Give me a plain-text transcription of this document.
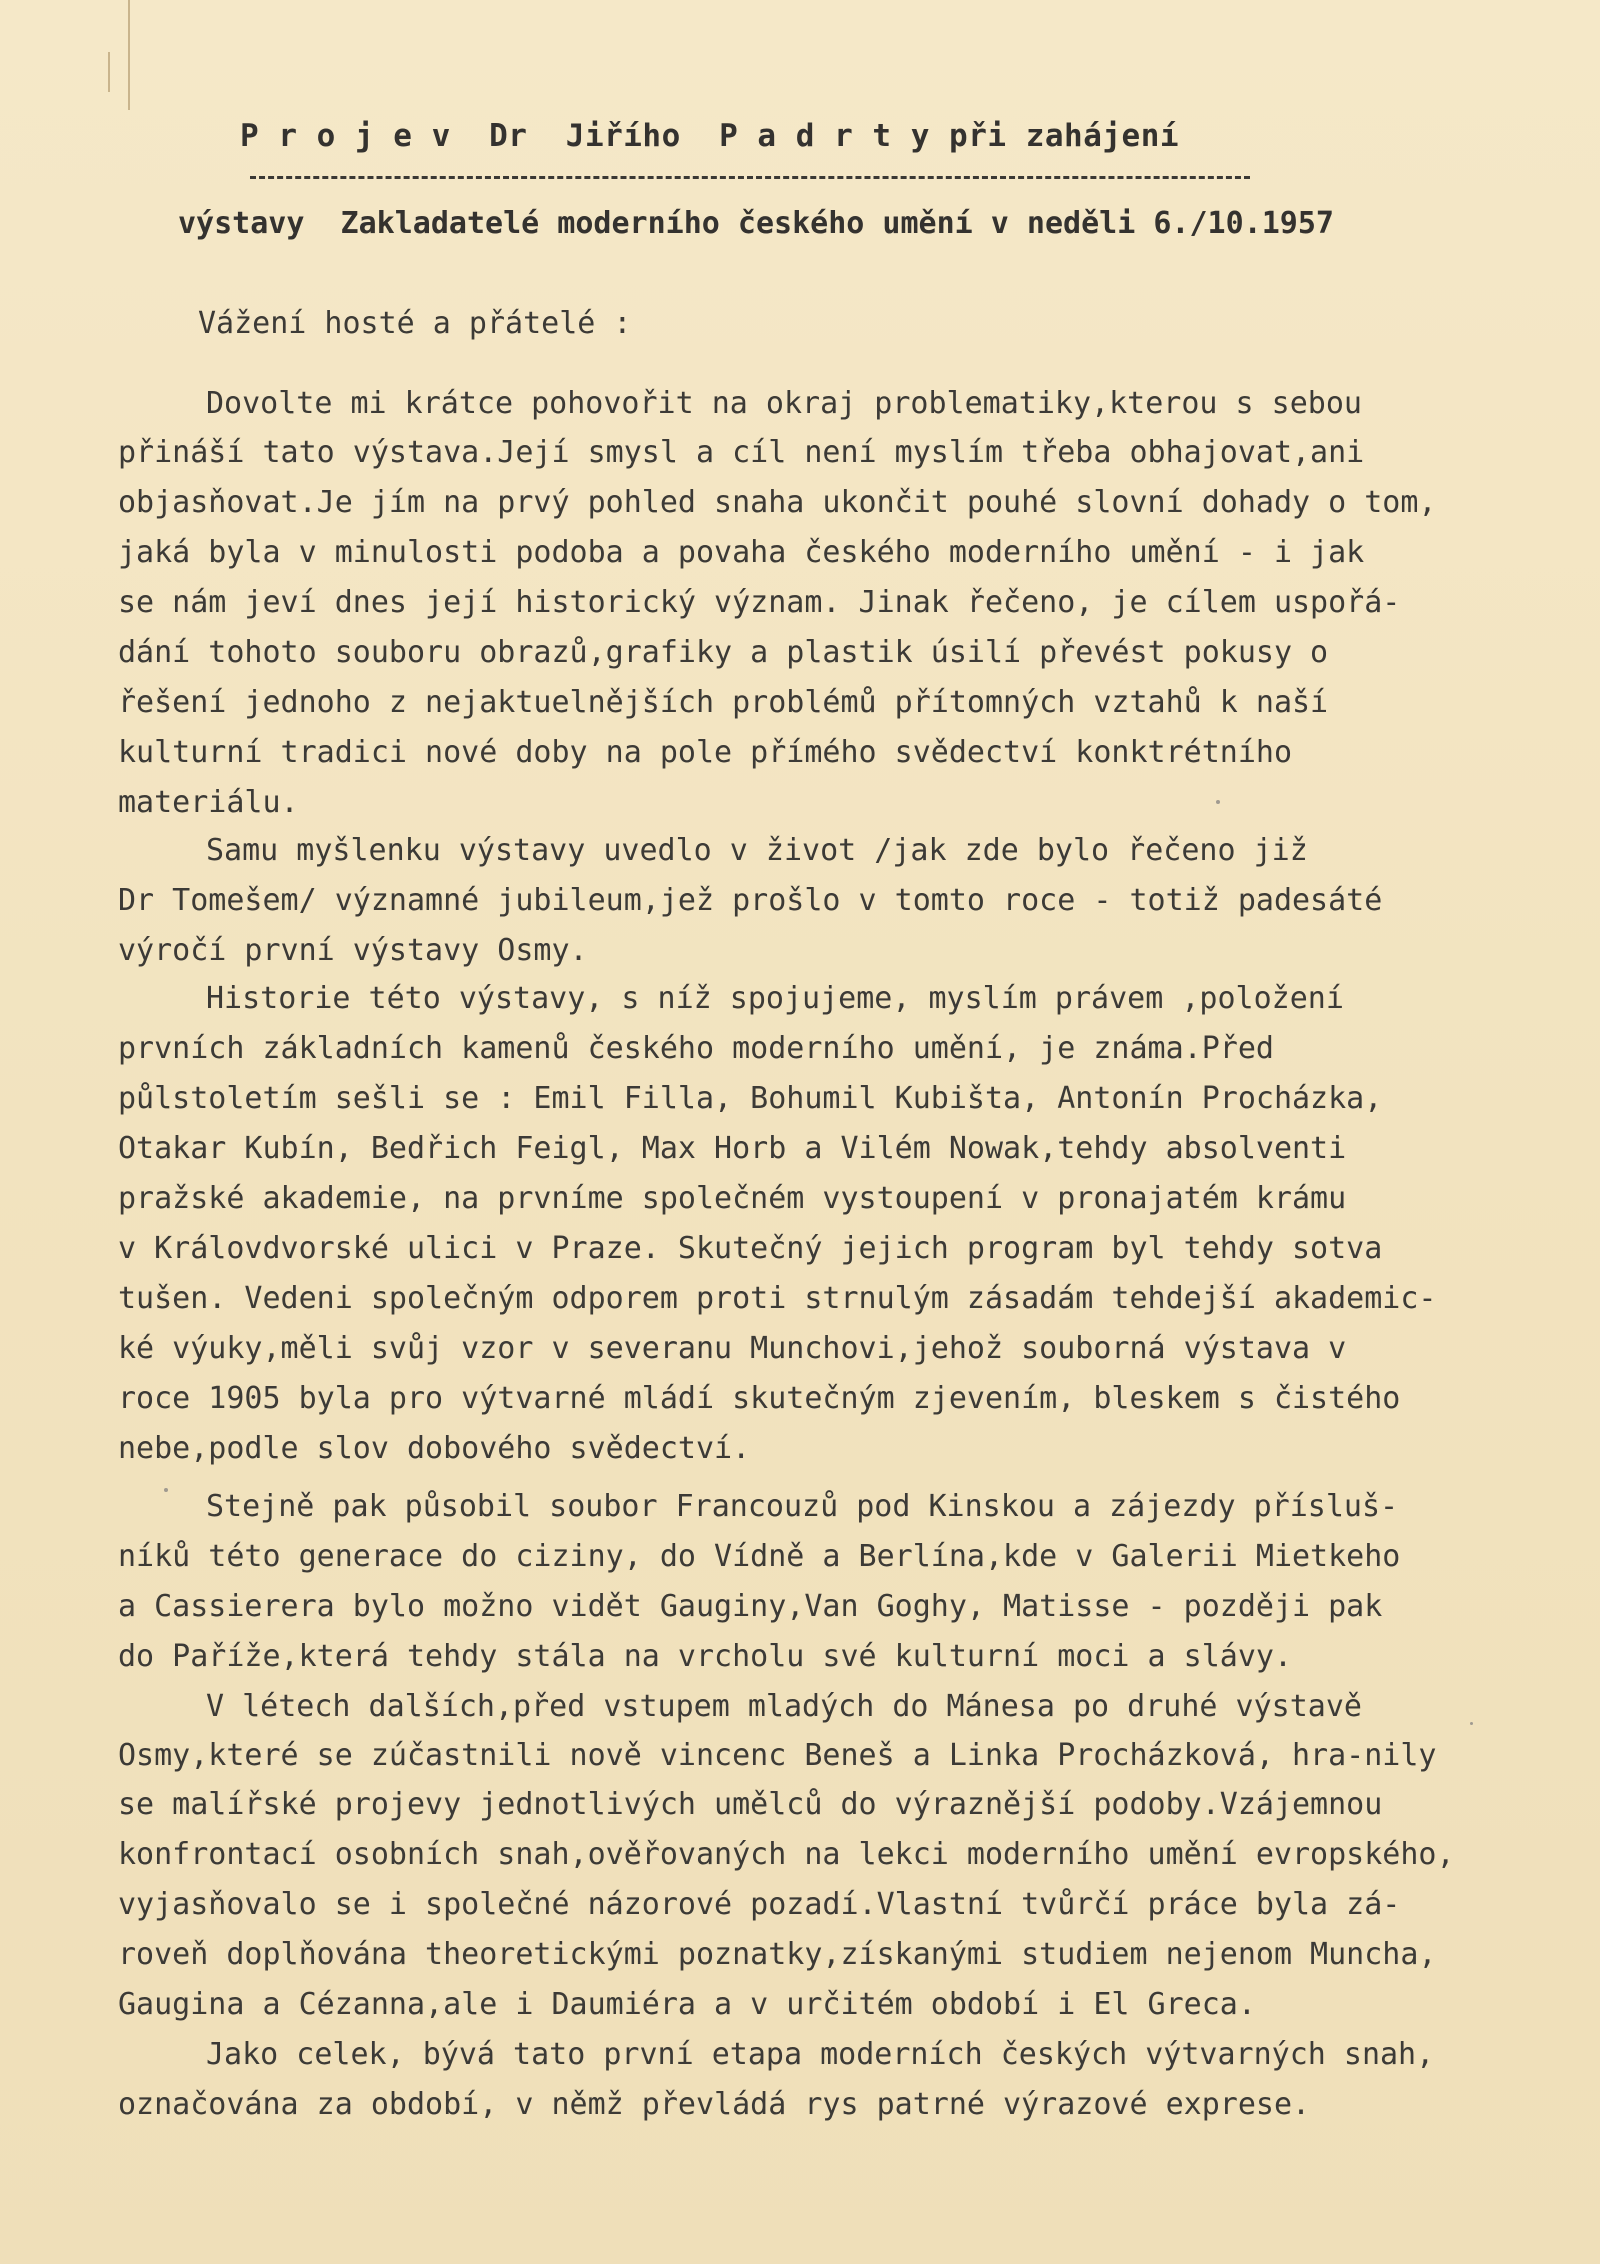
P r o j e v  Dr  Jiřího  P a d r t y při zahájení
výstavy  Zakladatelé moderního českého umění v neděli 6./10.1957
Vážení hosté a přátelé :
Dovolte mi krátce pohovořit na okraj problematiky,kterou s sebou
přináší tato výstava.Její smysl a cíl není myslím třeba obhajovat,ani
objasňovat.Je jím na prvý pohled snaha ukončit pouhé slovní dohady o tom,
jaká byla v minulosti podoba a povaha českého moderního umění - i jak
se nám jeví dnes její historický význam. Jinak řečeno, je cílem uspořá-
dání tohoto souboru obrazů,grafiky a plastik úsilí převést pokusy o
řešení jednoho z nejaktuelnějších problémů přítomných vztahů k naší
kulturní tradici nové doby na pole přímého svědectví konktrétního
materiálu.
Samu myšlenku výstavy uvedlo v život /jak zde bylo řečeno již
Dr Tomešem/ významné jubileum,jež prošlo v tomto roce - totiž padesáté
výročí první výstavy Osmy.
Historie této výstavy, s níž spojujeme, myslím právem ,položení
prvních základních kamenů českého moderního umění, je známa.Před
půlstoletím sešli se : Emil Filla, Bohumil Kubišta, Antonín Procházka,
Otakar Kubín, Bedřich Feigl, Max Horb a Vilém Nowak,tehdy absolventi
pražské akademie, na prvníme společném vystoupení v pronajatém krámu
v Královdvorské ulici v Praze. Skutečný jejich program byl tehdy sotva
tušen. Vedeni společným odporem proti strnulým zásadám tehdejší akademic-
ké výuky,měli svůj vzor v severanu Munchovi,jehož souborná výstava v
roce 1905 byla pro výtvarné mládí skutečným zjevením, bleskem s čistého
nebe,podle slov dobového svědectví.
Stejně pak působil soubor Francouzů pod Kinskou a zájezdy přísluš-
níků této generace do ciziny, do Vídně a Berlína,kde v Galerii Mietkeho
a Cassierera bylo možno vidět Gauginy,Van Goghy, Matisse - později pak
do Paříže,která tehdy stála na vrcholu své kulturní moci a slávy.
V létech dalších,před vstupem mladých do Mánesa po druhé výstavě
Osmy,které se zúčastnili nově vincenc Beneš a Linka Procházková, hra-nily
se malířské projevy jednotlivých umělců do výraznější podoby.Vzájemnou
konfrontací osobních snah,ověřovaných na lekci moderního umění evropského,
vyjasňovalo se i společné názorové pozadí.Vlastní tvůrčí práce byla zá-
roveň doplňována theoretickými poznatky,získanými studiem nejenom Muncha,
Gaugina a Cézanna,ale i Daumiéra a v určitém období i El Greca.
Jako celek, bývá tato první etapa moderních českých výtvarných snah,
označována za období, v němž převládá rys patrné výrazové exprese.
